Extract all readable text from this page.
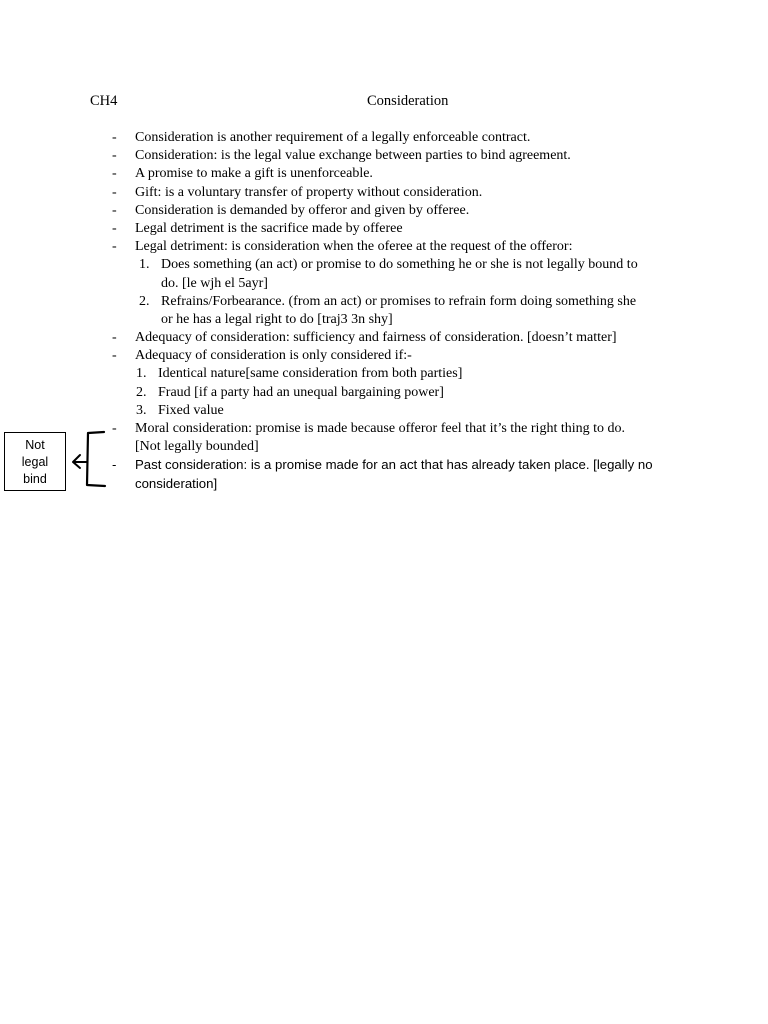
CH4	Consideration
- Consideration is another requirement of a legally enforceable contract.
- Consideration: is the legal value exchange between parties to bind agreement.
- A promise to make a gift is unenforceable.
- Gift: is a voluntary transfer of property without consideration.
- Consideration is demanded by offeror and given by offeree.
- Legal detriment is the sacrifice made by offeree
- Legal detriment: is consideration when the oferee at the request of the offeror:
1. Does something (an act) or promise to do something he or she is not legally bound to
do. [le wjh el 5ayr]
2. Refrains/Forbearance. (from an act) or promises to refrain form doing something she
or he has a legal right to do [traj3 3n shy]
- Adequacy of consideration: sufficiency and fairness of consideration. [doesn’t matter]
- Adequacy of consideration is only considered if:-
1. Identical nature[same consideration from both parties]
2. Fraud [if a party had an unequal bargaining power]
3. Fixed value
- Moral consideration: promise is made because offeror feel that it’s the right thing to do.
[Not legally bounded]
- Past consideration: is a promise made for an act that has already taken place. [legally no
consideration]
Not
legal
bind
